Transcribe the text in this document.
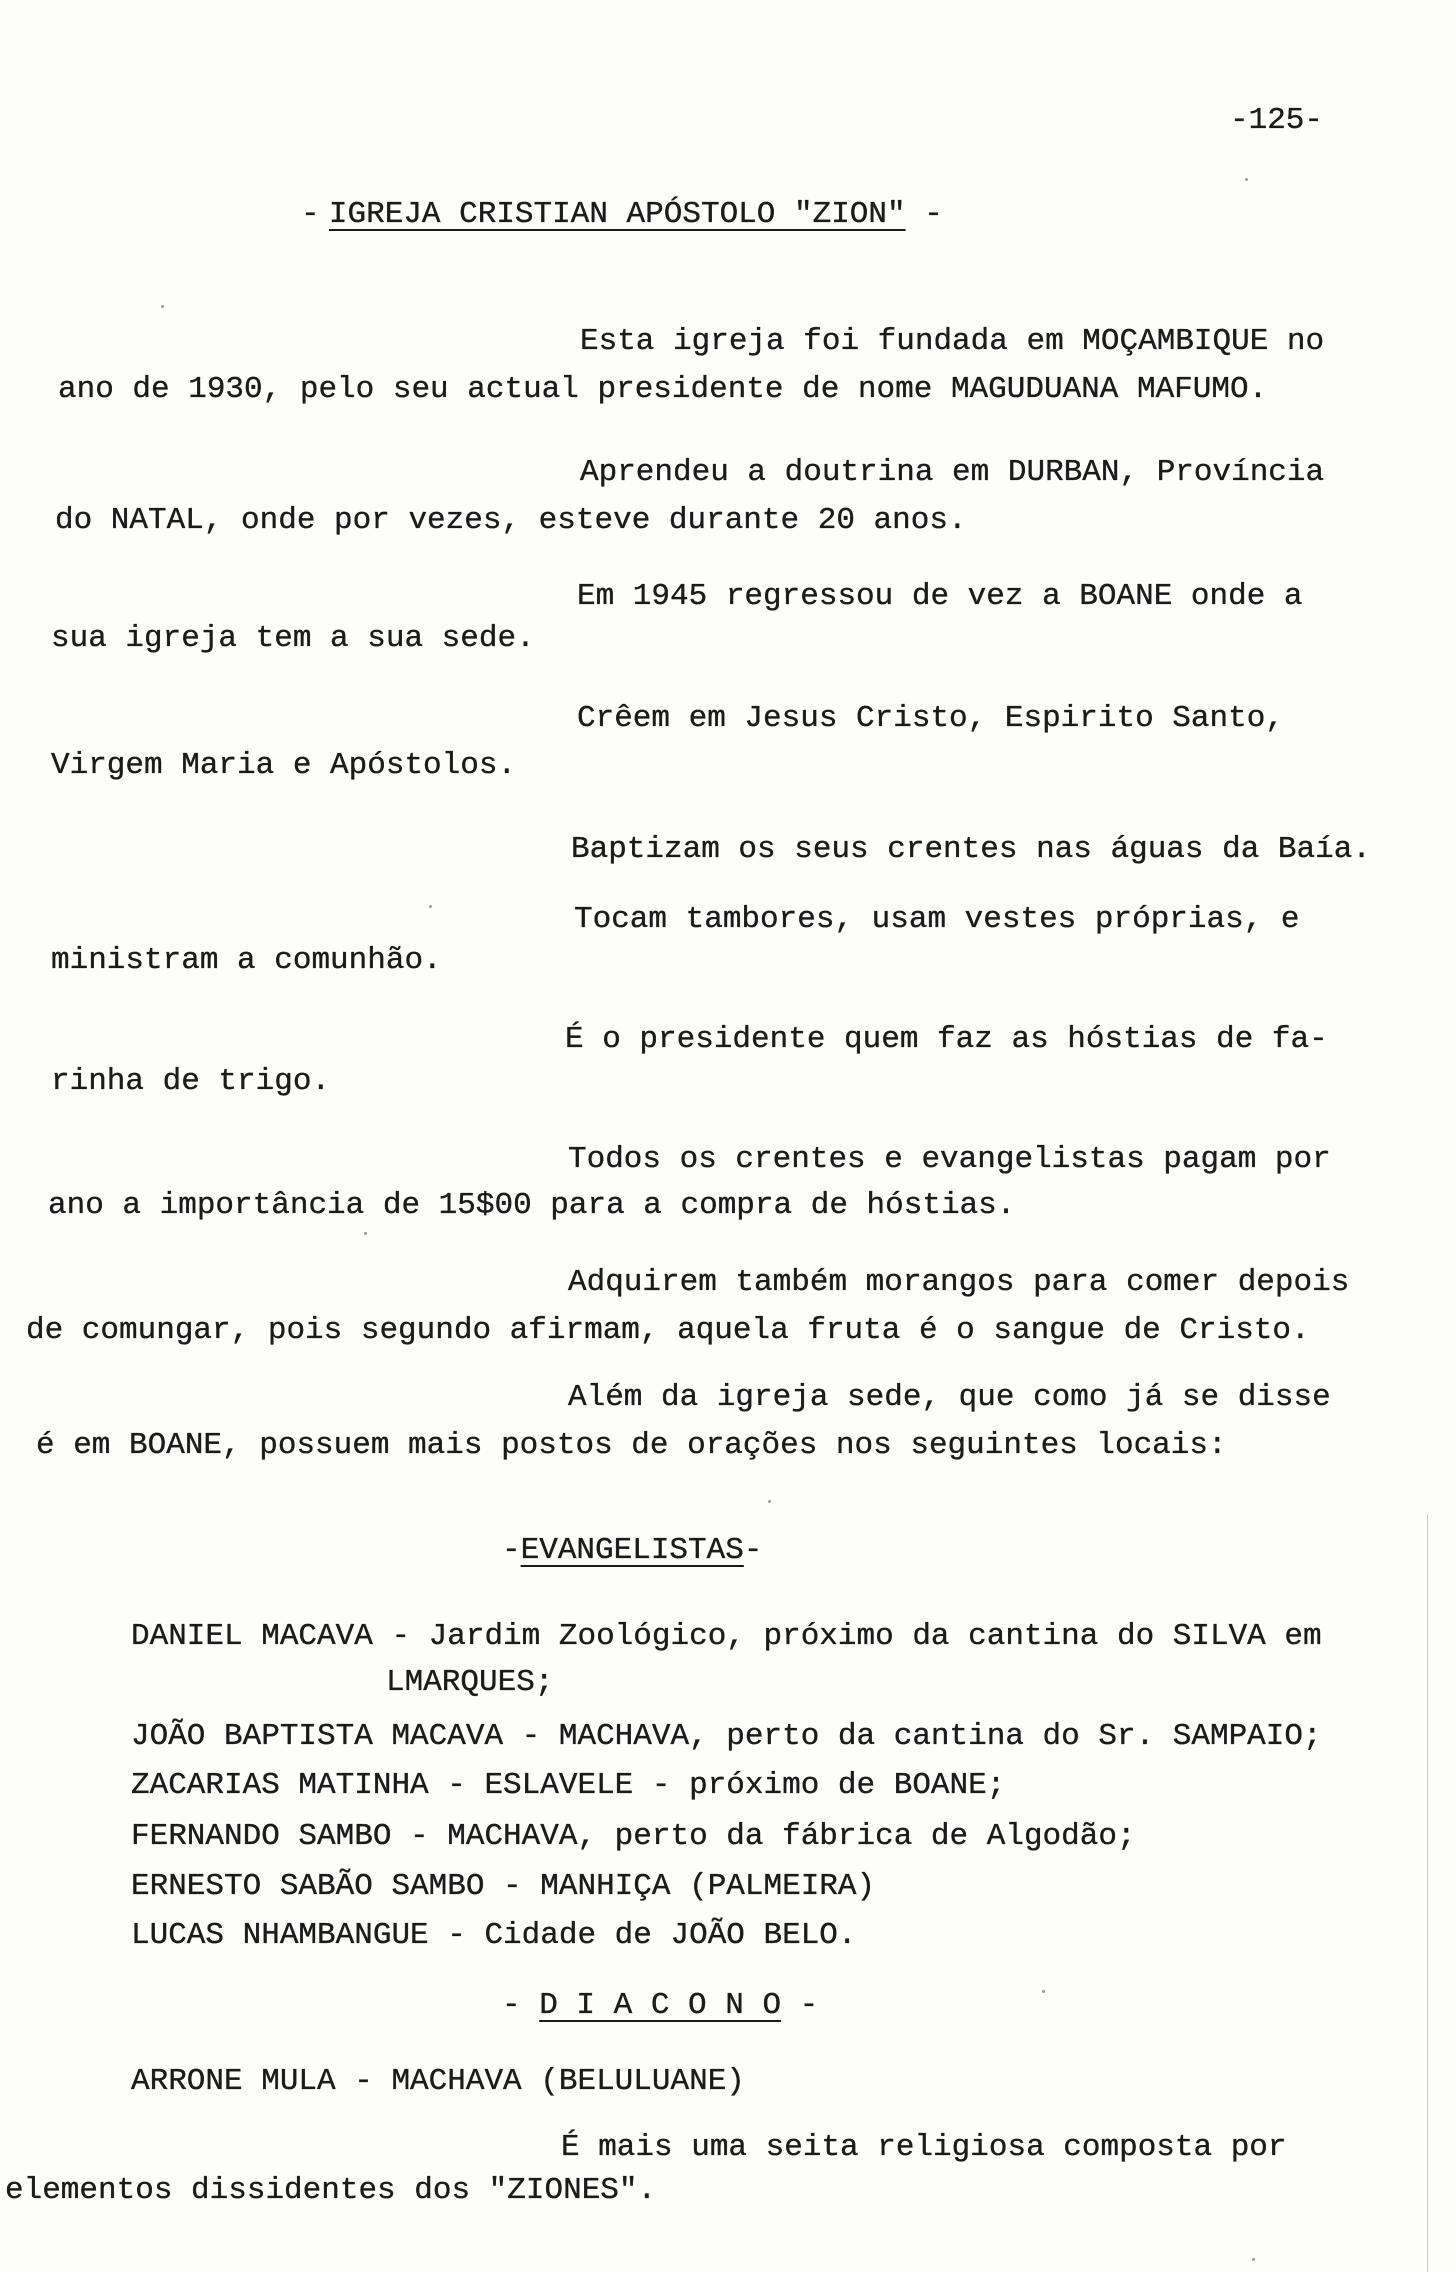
-125-
- IGREJA CRISTIAN APÓSTOLO "ZION" -
Esta igreja foi fundada em MOÇAMBIQUE no
ano de 1930, pelo seu actual presidente de nome MAGUDUANA MAFUMO.
Aprendeu a doutrina em DURBAN, Província
do NATAL, onde por vezes, esteve durante 20 anos.
Em 1945 regressou de vez a BOANE onde a
sua igreja tem a sua sede.
Crêem em Jesus Cristo, Espirito Santo,
Virgem Maria e Apóstolos.
Baptizam os seus crentes nas águas da Baía.
Tocam tambores, usam vestes próprias, e
ministram a comunhão.
É o presidente quem faz as hóstias de fa-
rinha de trigo.
Todos os crentes e evangelistas pagam por
ano a importância de 15$00 para a compra de hóstias.
Adquirem também morangos para comer depois
de comungar, pois segundo afirmam, aquela fruta é o sangue de Cristo.
Além da igreja sede, que como já se disse
é em BOANE, possuem mais postos de orações nos seguintes locais:
-EVANGELISTAS-
DANIEL MACAVA - Jardim Zoológico, próximo da cantina do SILVA em
LMARQUES;
JOÃO BAPTISTA MACAVA - MACHAVA, perto da cantina do Sr. SAMPAIO;
ZACARIAS MATINHA - ESLAVELE - próximo de BOANE;
FERNANDO SAMBO - MACHAVA, perto da fábrica de Algodão;
ERNESTO SABÃO SAMBO - MANHIÇA (PALMEIRA)
LUCAS NHAMBANGUE - Cidade de JOÃO BELO.
- D I A C O N O -
ARRONE MULA - MACHAVA (BELULUANE)
É mais uma seita religiosa composta por
elementos dissidentes dos "ZIONES".
